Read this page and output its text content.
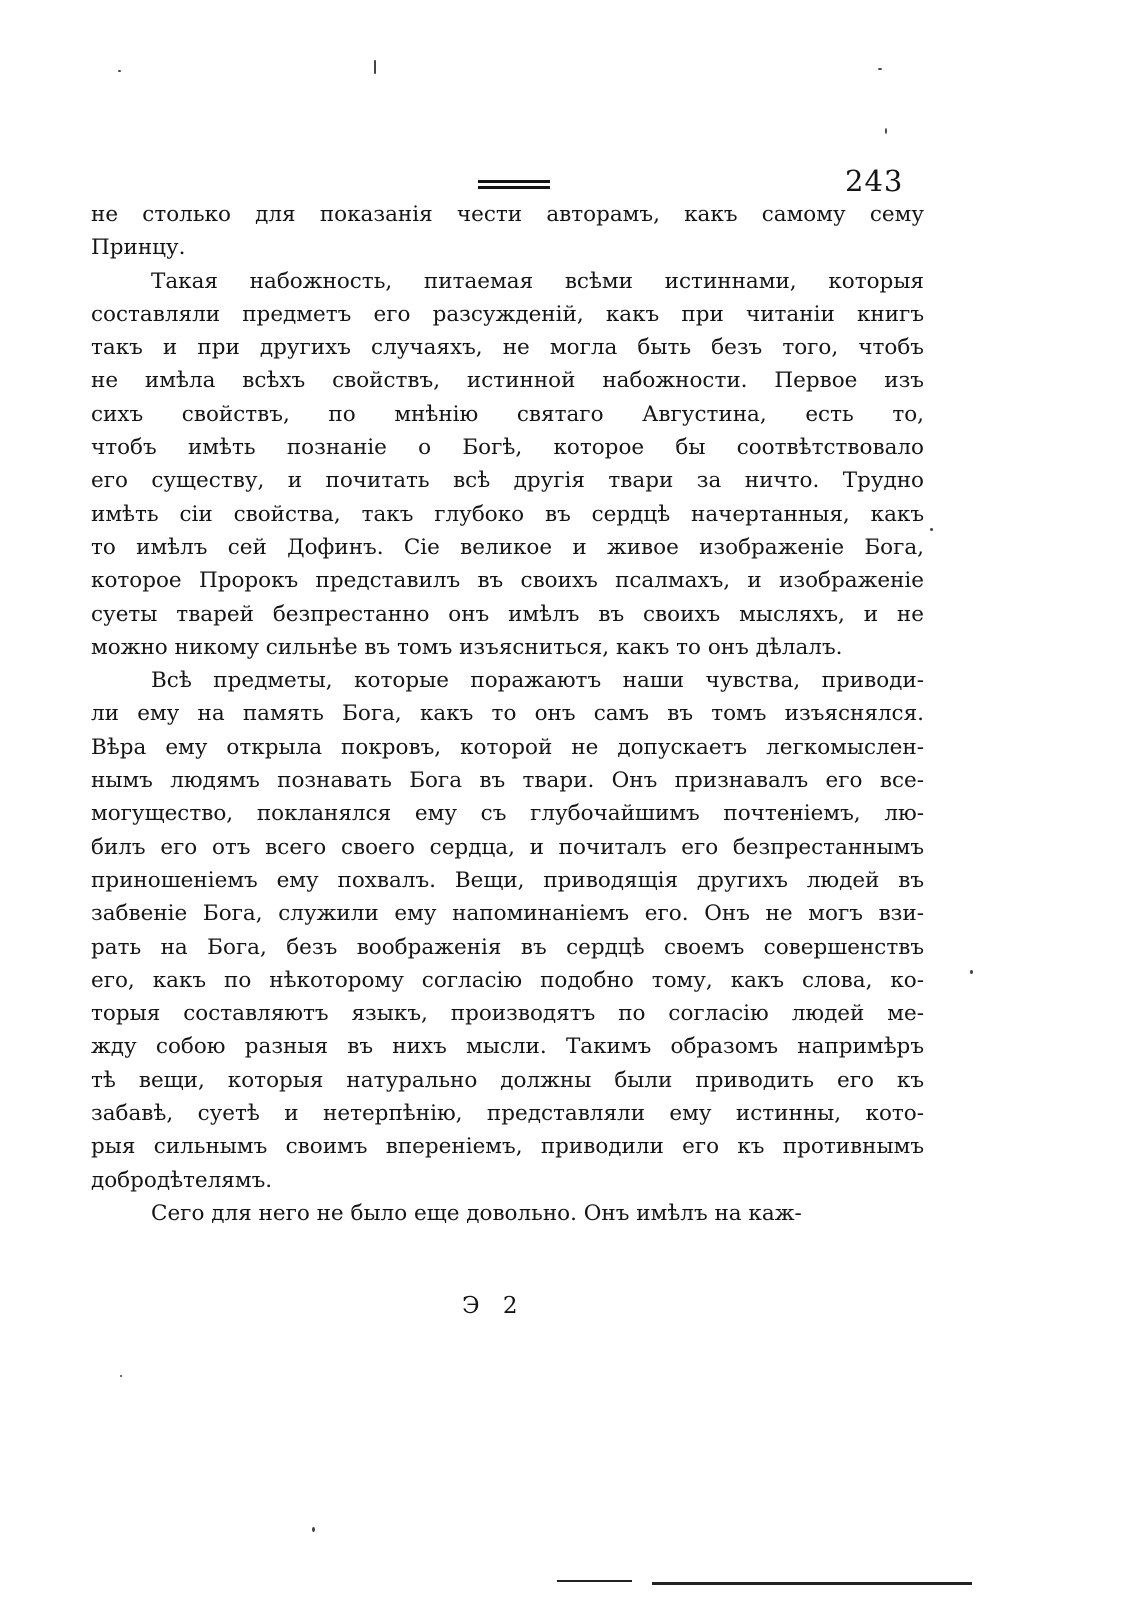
243
не столько для показанія чести авторамъ, какъ самому сему
Принцу.
Такая набожность, питаемая всѣми истиннами, которыя
составляли предметъ его разсужденій, какъ при читаніи книгъ
такъ и при другихъ случаяхъ, не могла быть безъ того, чтобъ
не имѣла всѣхъ свойствъ, истинной набожности. Первое изъ
сихъ свойствъ, по мнѣнію святаго Августина, есть то,
чтобъ имѣть познаніе о Богѣ, которое бы соотвѣтствовало
его существу, и почитать всѣ другія твари за ничто. Трудно
имѣть сіи свойства, такъ глубоко въ сердцѣ начертанныя, какъ
то имѣлъ сей Дофинъ. Сіе великое и живое изображеніе Бога,
которое Пророкъ представилъ въ своихъ псалмахъ, и изображеніе
суеты тварей безпрестанно онъ имѣлъ въ своихъ мысляхъ, и не
можно никому сильнѣе въ томъ изъясниться, какъ то онъ дѣлалъ.
Всѣ предметы, которые поражаютъ наши чувства, приводи-
ли ему на память Бога, какъ то онъ самъ въ томъ изъяснялся.
Вѣра ему открыла покровъ, которой не допускаетъ легкомыслен-
нымъ людямъ познавать Бога въ твари. Онъ признавалъ его все-
могущество, покланялся ему съ глубочайшимъ почтеніемъ, лю-
билъ его отъ всего своего сердца, и почиталъ его безпрестаннымъ
приношеніемъ ему похвалъ. Вещи, приводящія другихъ людей въ
забвеніе Бога, служили ему напоминаніемъ его. Онъ не могъ взи-
рать на Бога, безъ воображенія въ сердцѣ своемъ совершенствъ
его, какъ по нѣкоторому согласію подобно тому, какъ слова, ко-
торыя составляютъ языкъ, производятъ по согласію людей ме-
жду собою разныя въ нихъ мысли. Такимъ образомъ напримѣръ
тѣ вещи, которыя натурально должны были приводить его къ
забавѣ, суетѣ и нетерпѣнію, представляли ему истинны, кото-
рыя сильнымъ своимъ вперенiемъ, приводили его къ противнымъ
добродѣтелямъ.
Сего для него не было еще довольно. Онъ имѣлъ на каж-
Э 2
